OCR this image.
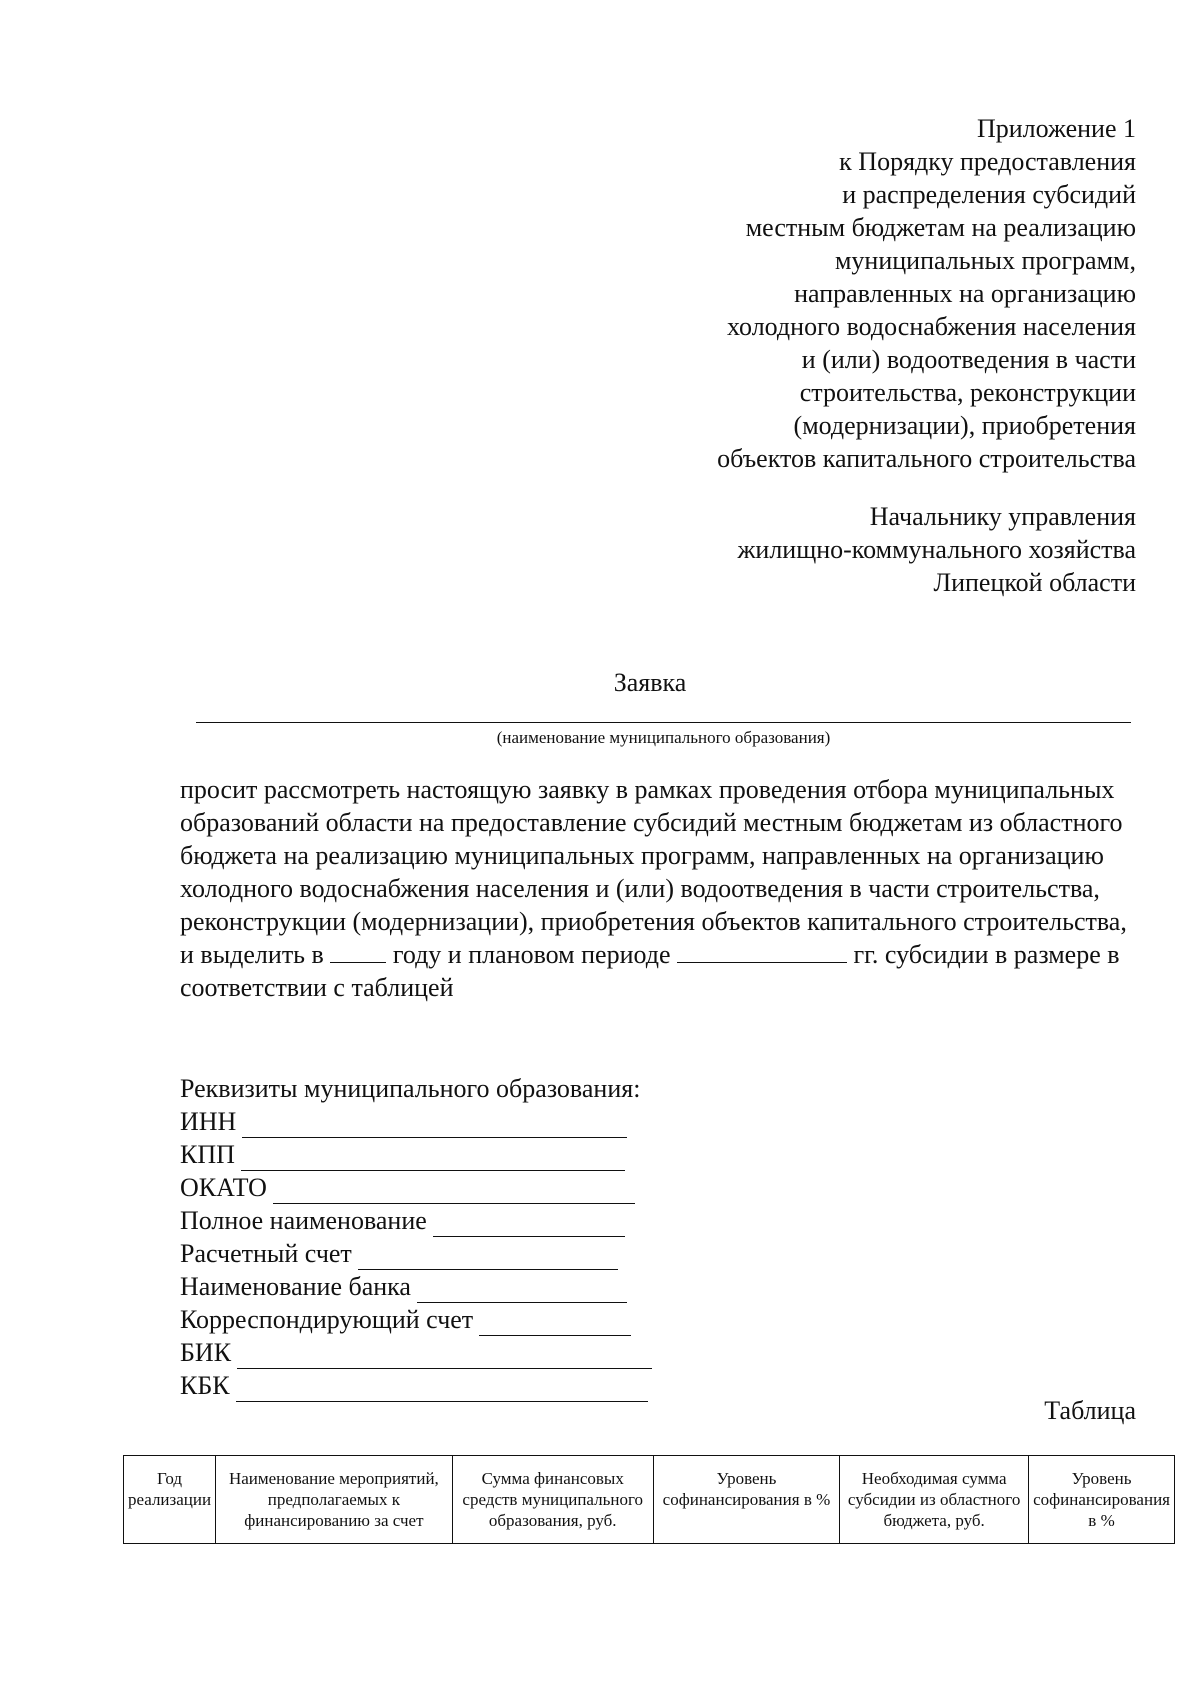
Приложение 1
к Порядку предоставления
и распределения субсидий
местным бюджетам на реализацию
муниципальных программ,
направленных на организацию
холодного водоснабжения населения
и (или) водоотведения в части
строительства, реконструкции
(модернизации), приобретения
объектов капитального строительства
Начальнику управления
жилищно-коммунального хозяйства
Липецкой области
Заявка
(наименование муниципального образования)

просит рассмотреть настоящую заявку в рамках проведения отбора муниципальных образований области на предоставление субсидий местным бюджетам из областного бюджета на реализацию муниципальных программ, направленных на организацию холодного водоснабжения населения и (или) водоотведения в части строительства, реконструкции (модернизации), приобретения объектов капитального строительства, и выделить в	году и плановом периоде	гг. субсидии в размере в соответствии с таблицей

Реквизиты муниципального образования:
ИНН
КПП
ОКАТО
Полное наименование
Расчетный счет
Наименование банка
Корреспондирующий счет
БИК
КБК
Таблица
Год реализации	Наименование мероприятий, предполагаемых к финансированию за счет	Сумма финансовых средств муниципального образования, руб.	Уровень софинансирования в %	Необходимая сумма субсидии из областного бюджета, руб.	Уровень софинансирования в %
